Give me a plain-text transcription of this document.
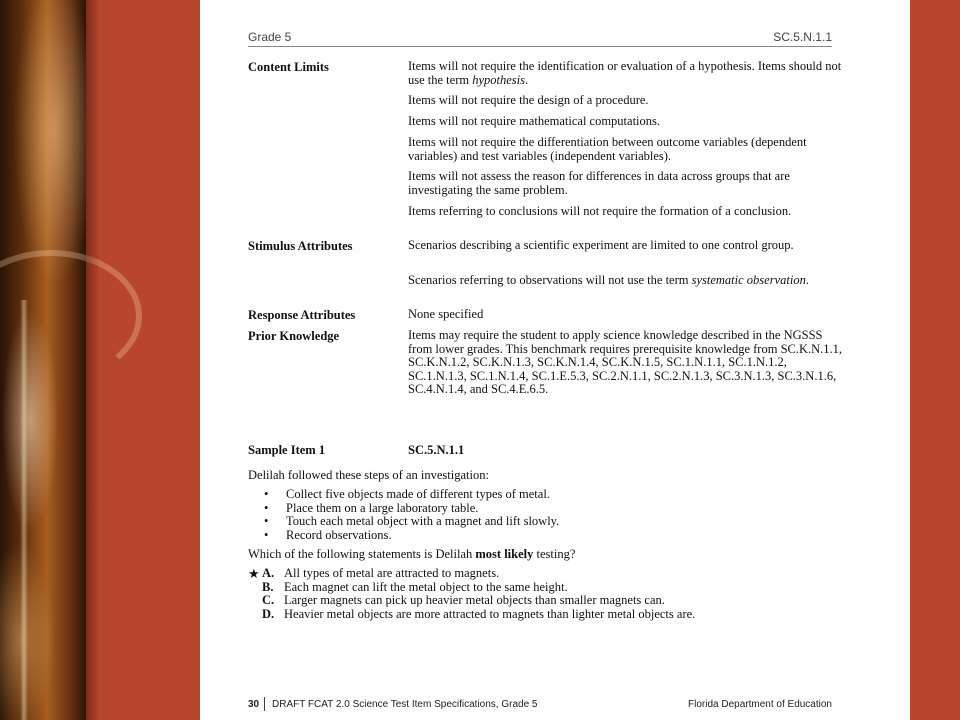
Grade 5	SC.5.N.1.1
Content Limits	Items will not require the identification or evaluation of a hypothesis. Items should not use the term hypothesis.
Items will not require the design of a procedure.
Items will not require mathematical computations.
Items will not require the differentiation between outcome variables (dependent variables) and test variables (independent variables).
Items will not assess the reason for differences in data across groups that are investigating the same problem.
Items referring to conclusions will not require the formation of a conclusion.
Stimulus Attributes	Scenarios describing a scientific experiment are limited to one control group.
Scenarios referring to observations will not use the term systematic observation.
Response Attributes	None specified
Prior Knowledge	Items may require the student to apply science knowledge described in the NGSSS from lower grades. This benchmark requires prerequisite knowledge from SC.K.N.1.1, SC.K.N.1.2, SC.K.N.1.3, SC.K.N.1.4, SC.K.N.1.5, SC.1.N.1.1, SC.1.N.1.2, SC.1.N.1.3, SC.1.N.1.4, SC.1.E.5.3, SC.2.N.1.1, SC.2.N.1.3, SC.3.N.1.3, SC.3.N.1.6, SC.4.N.1.4, and SC.4.E.6.5.
Sample Item 1	SC.5.N.1.1
Delilah followed these steps of an investigation:
• Collect five objects made of different types of metal.
• Place them on a large laboratory table.
• Touch each metal object with a magnet and lift slowly.
• Record observations.
Which of the following statements is Delilah most likely testing?
★ A. All types of metal are attracted to magnets.
B. Each magnet can lift the metal object to the same height.
C. Larger magnets can pick up heavier metal objects than smaller magnets can.
D. Heavier metal objects are more attracted to magnets than lighter metal objects are.
30 DRAFT FCAT 2.0 Science Test Item Specifications, Grade 5	Florida Department of Education
